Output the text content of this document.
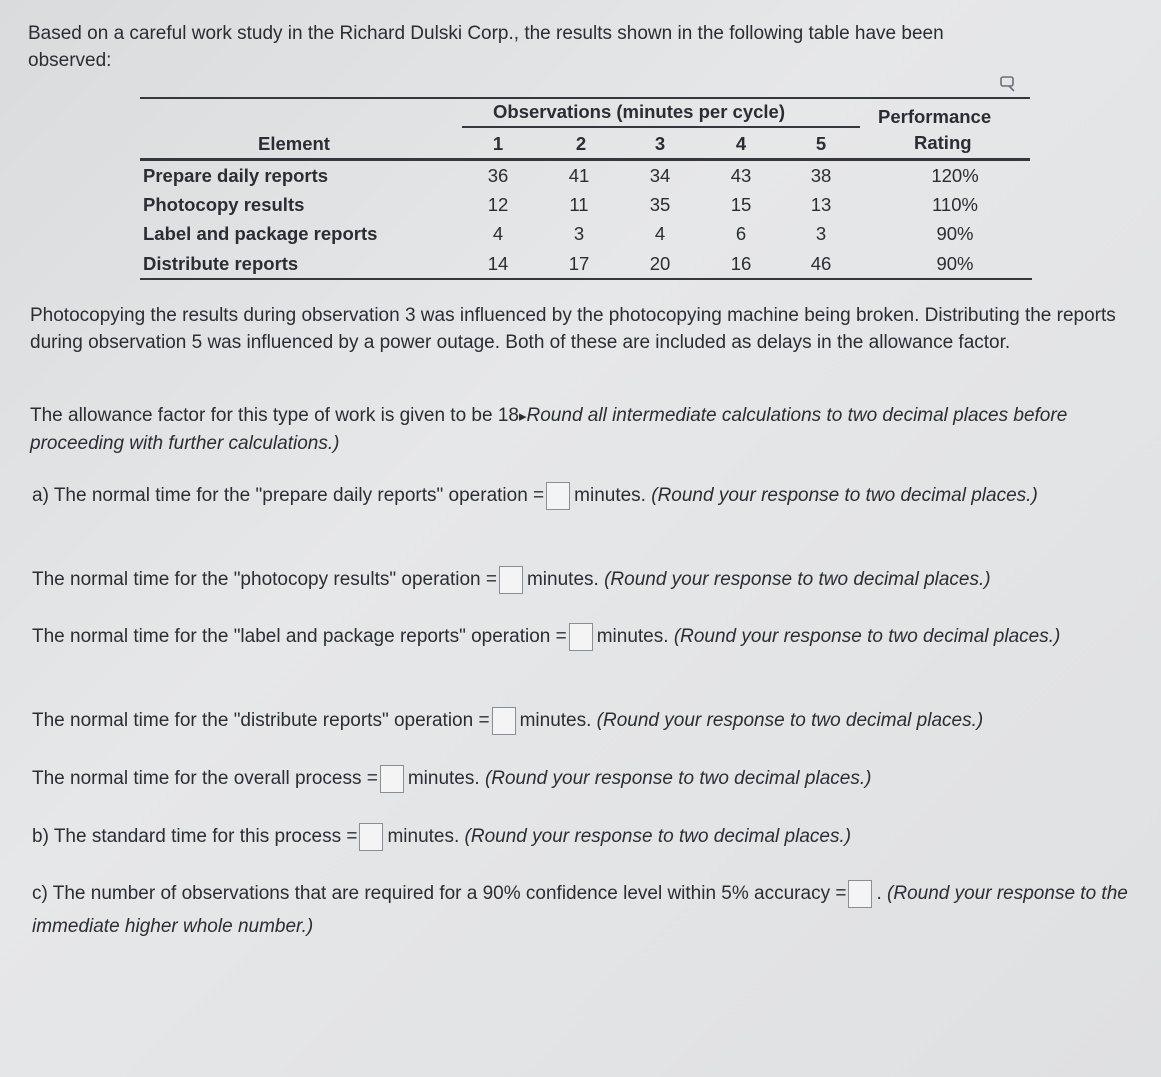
Based on a careful work study in the Richard Dulski Corp., the results shown in the following table have been observed:
Observations (minutes per cycle)	Performance
Rating
Element	1	2	3	4	5
Prepare daily reports	36	41	34	43	38	120%
Photocopy results	12	11	35	15	13	110%
Label and package reports	4	3	4	6	3	90%
Distribute reports	14	17	20	16	46	90%
Photocopying the results during observation 3 was influenced by the photocopying machine being broken. Distributing the reports during observation 5 was influenced by a power outage. Both of these are included as delays in the allowance factor.
The allowance factor for this type of work is given to be 18▸Round all intermediate calculations to two decimal places before proceeding with further calculations.)
a) The normal time for the "prepare daily reports" operation = minutes. (Round your response to two decimal places.)
The normal time for the "photocopy results" operation = minutes. (Round your response to two decimal places.)
The normal time for the "label and package reports" operation = minutes. (Round your response to two decimal places.)
The normal time for the "distribute reports" operation = minutes. (Round your response to two decimal places.)
The normal time for the overall process = minutes. (Round your response to two decimal places.)
b) The standard time for this process = minutes. (Round your response to two decimal places.)
c) The number of observations that are required for a 90% confidence level within 5% accuracy = . (Round your response to the immediate higher whole number.)
